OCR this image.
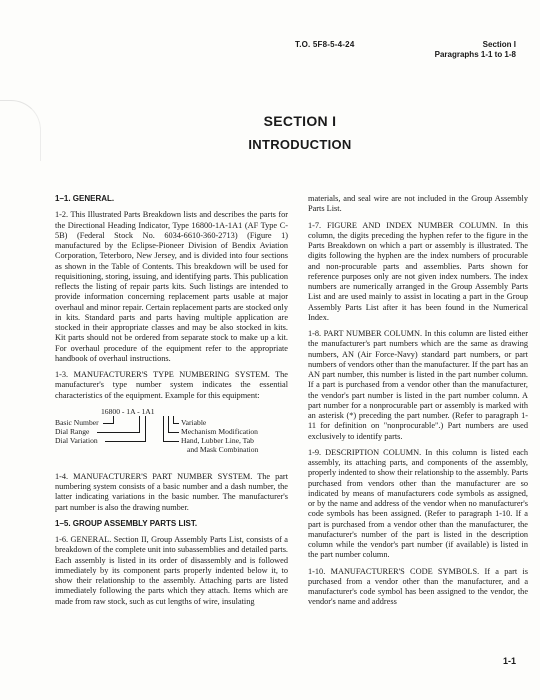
T.O. 5F8-5-4-24	Section I
Paragraphs 1-1 to 1-8
SECTION I
INTRODUCTION
1–1. GENERAL.

1-2. This Illustrated Parts Breakdown lists and describes the parts for the Directional Heading Indicator, Type 16800-1A-1A1 (AF Type C-5B) (Federal Stock No. 6034-6610-360-2713) (Figure 1) manufactured by the Eclipse-Pioneer Division of Bendix Aviation Corporation, Teterboro, New Jersey, and is divided into four sections as shown in the Table of Contents. This breakdown will be used for requisitioning, storing, issuing, and identifying parts. This publication reflects the listing of repair parts kits. Such listings are intended to provide information concerning replacement parts usable at major overhaul and minor repair. Certain replacement parts are stocked only in kits. Standard parts and parts having multiple application are stocked in their appropriate classes and may be also stocked in kits. Kit parts should not be ordered from separate stock to make up a kit. For overhaul procedure of the equipment refer to the appropriate handbook of overhaul instructions.

1-3. MANUFACTURER'S TYPE NUMBERING SYSTEM. The manufacturer's type number system indicates the essential characteristics of the equipment. Example for this equipment:

16800 - 1A - 1A1
Basic Number
Dial Range
Dial Variation
Variable
Mechanism Modification
Hand, Lubber Line, Tab
and Mask Combination

1-4. MANUFACTURER'S PART NUMBER SYSTEM. The part numbering system consists of a basic number and a dash number, the latter indicating variations in the basic number. The manufacturer's part number is also the drawing number.

1–5. GROUP ASSEMBLY PARTS LIST.

1-6. GENERAL. Section II, Group Assembly Parts List, consists of a breakdown of the complete unit into subassemblies and detailed parts. Each assembly is listed in its order of disassembly and is followed immediately by its component parts properly indented below it, to show their relationship to the assembly. Attaching parts are listed immediately following the parts which they attach. Items which are made from raw stock, such as cut lengths of wire, insulating

materials, and seal wire are not included in the Group Assembly Parts List.

1-7. FIGURE AND INDEX NUMBER COLUMN. In this column, the digits preceding the hyphen refer to the figure in the Parts Breakdown on which a part or assembly is illustrated. The digits following the hyphen are the index numbers of procurable and non-procurable parts and assemblies. Parts shown for reference purposes only are not given index numbers. The index numbers are numerically arranged in the Group Assembly Parts List and are used mainly to assist in locating a part in the Group Assembly Parts List after it has been found in the Numerical Index.

1-8. PART NUMBER COLUMN. In this column are listed either the manufacturer's part numbers which are the same as drawing numbers, AN (Air Force-Navy) standard part numbers, or part numbers of vendors other than the manufacturer. If the part has an AN part number, this number is listed in the part number column. If a part is purchased from a vendor other than the manufacturer, the vendor's part number is listed in the part number column. A part number for a nonprocurable part or assembly is marked with an asterisk (*) preceding the part number. (Refer to paragraph 1-11 for definition on "nonprocurable".) Part numbers are used exclusively to identify parts.

1-9. DESCRIPTION COLUMN. In this column is listed each assembly, its attaching parts, and components of the assembly, properly indented to show their relationship to the assembly. Parts purchased from vendors other than the manufacturer are so indicated by means of manufacturers code symbols as assigned, or by the name and address of the vendor when no manufacturer's code symbols has been assigned. (Refer to paragraph 1-10. If a part is purchased from a vendor other than the manufacturer, the manufacturer's number of the part is listed in the description column while the vendor's part number (if available) is listed in the part number column.

1-10. MANUFACTURER'S CODE SYMBOLS. If a part is purchased from a vendor other than the manufacturer, and a manufacturer's code symbol has been assigned to the vendor, the vendor's name and address

1-1
